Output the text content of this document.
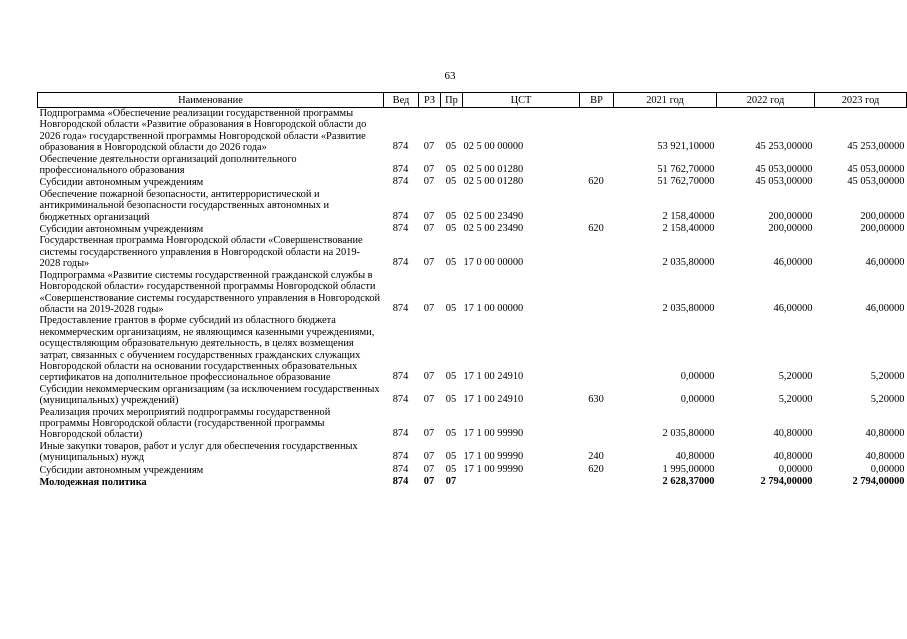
63
Наименование	Вед	РЗ	Пр	ЦСТ	ВР	2021 год	2022 год	2023 год
Подпрограмма «Обеспечение реализации государственной программы Новгородской области «Развитие образования в Новгородской области до 2026 года» государственной программы Новгородской области «Развитие образования в Новгородской области до 2026 года»	874	07	05	02 5 00 00000		53 921,10000	45 253,00000	45 253,00000
Обеспечение деятельности организаций дополнительного профессионального образования	874	07	05	02 5 00 01280		51 762,70000	45 053,00000	45 053,00000
Субсидии автономным учреждениям	874	07	05	02 5 00 01280	620	51 762,70000	45 053,00000	45 053,00000
Обеспечение пожарной безопасности, антитеррористической и антикриминальной безопасности государственных автономных и бюджетных организаций	874	07	05	02 5 00 23490		2 158,40000	200,00000	200,00000
Субсидии автономным учреждениям	874	07	05	02 5 00 23490	620	2 158,40000	200,00000	200,00000
Государственная программа Новгородской области «Совершенствование системы государственного управления в Новгородской области на 2019-2028 годы»	874	07	05	17 0 00 00000		2 035,80000	46,00000	46,00000
Подпрограмма «Развитие системы государственной гражданской службы в Новгородской области» государственной программы Новгородской области «Совершенствование системы государственного управления в Новгородской области на 2019-2028 годы»	874	07	05	17 1 00 00000		2 035,80000	46,00000	46,00000
Предоставление грантов в форме субсидий из областного бюджета некоммерческим организациям, не являющимся казенными учреждениями, осуществляющим образовательную деятельность, в целях возмещения затрат, связанных с обучением государственных гражданских служащих Новгородской области на основании государственных образовательных сертификатов на дополнительное профессиональное образование	874	07	05	17 1 00 24910		0,00000	5,20000	5,20000
Субсидии некоммерческим организациям (за исключением государственных (муниципальных) учреждений)	874	07	05	17 1 00 24910	630	0,00000	5,20000	5,20000
Реализация прочих мероприятий подпрограммы государственной программы Новгородской области (государственной программы Новгородской области)	874	07	05	17 1 00 99990		2 035,80000	40,80000	40,80000
Иные закупки товаров, работ и услуг для обеспечения государственных (муниципальных) нужд	874	07	05	17 1 00 99990	240	40,80000	40,80000	40,80000
Субсидии автономным учреждениям	874	07	05	17 1 00 99990	620	1 995,00000	0,00000	0,00000
Молодежная политика	874	07	07			2 628,37000	2 794,00000	2 794,00000
